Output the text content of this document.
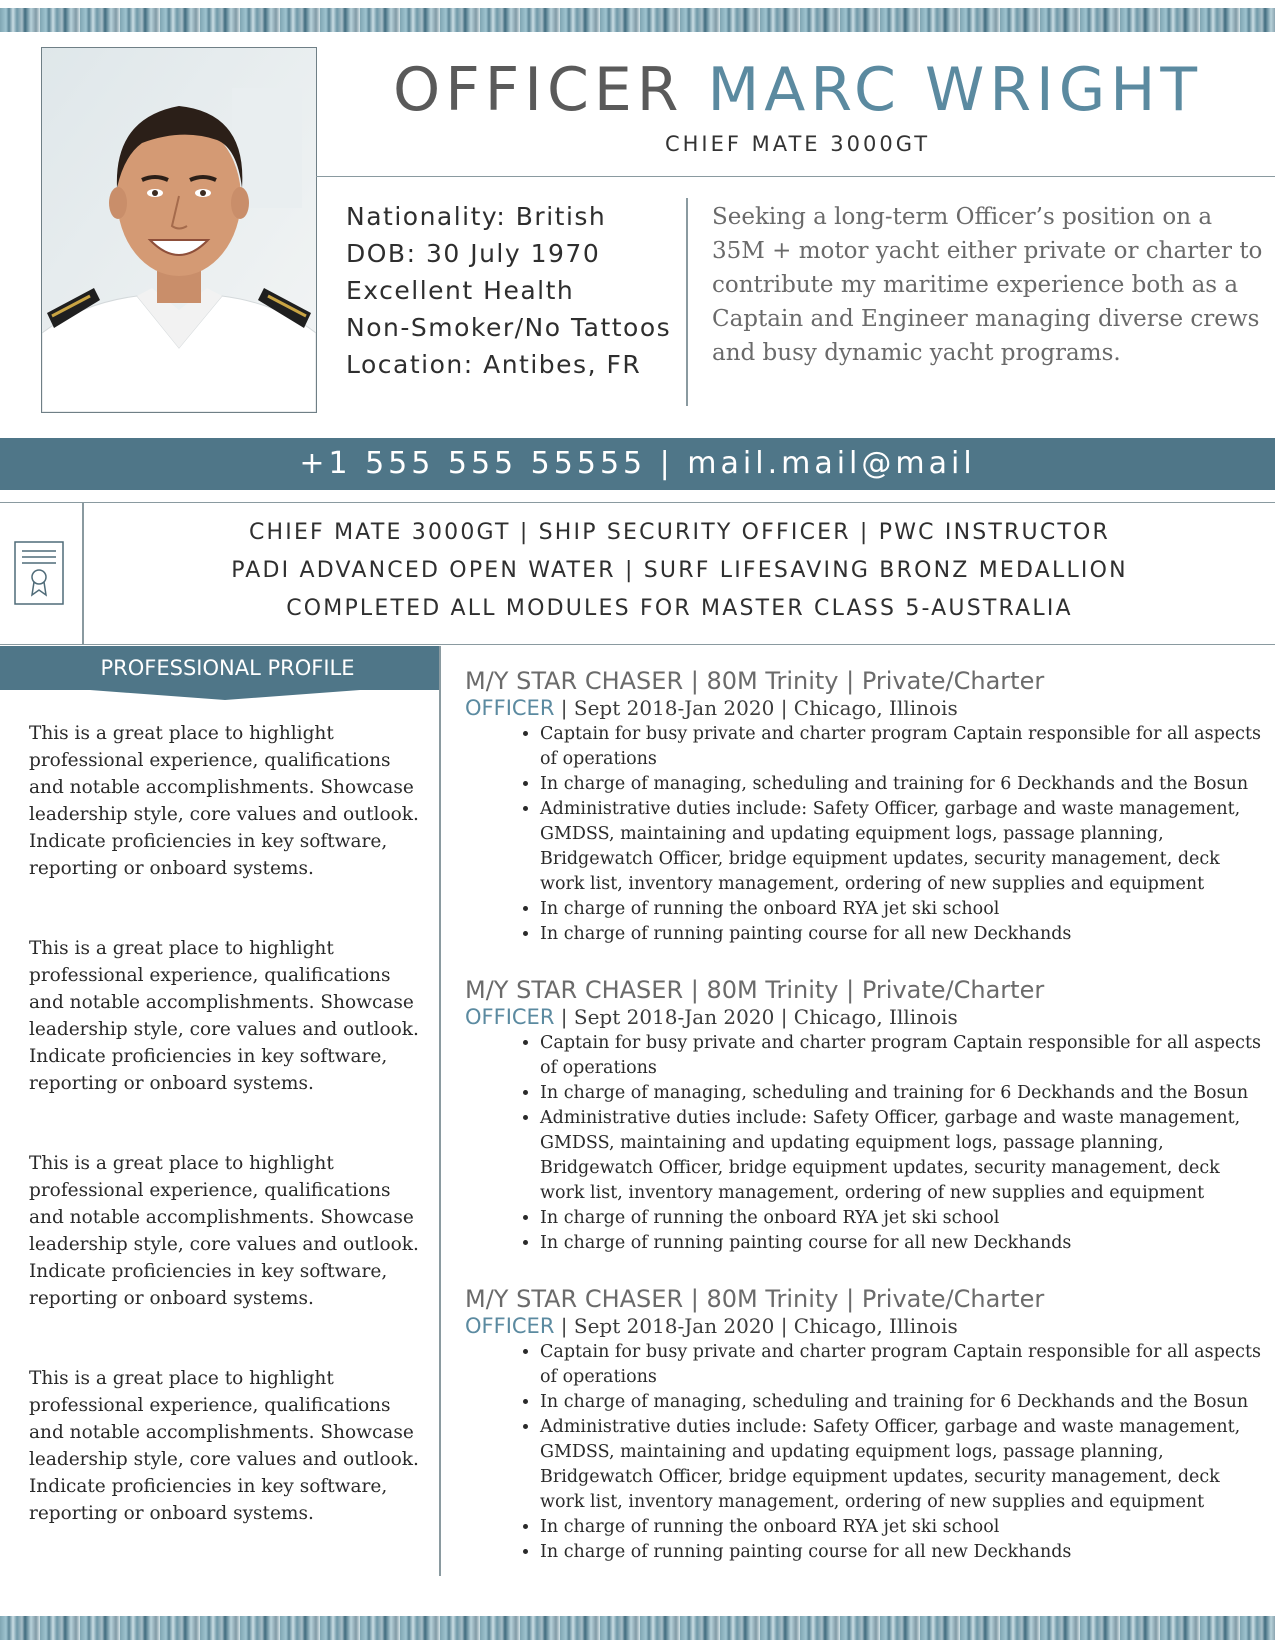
OFFICER MARC WRIGHT
CHIEF MATE 3000GT
Nationality: British
DOB: 30 July 1970
Excellent Health
Non-Smoker/No Tattoos
Location: Antibes, FR
Seeking a long-term Officer’s position on a 35M + motor yacht either private or charter to contribute my maritime experience both as a Captain and Engineer managing diverse crews and busy dynamic yacht programs.
+1 555 555 55555 | mail.mail@mail
CHIEF MATE 3000GT | SHIP SECURITY OFFICER | PWC INSTRUCTOR
PADI ADVANCED OPEN WATER | SURF LIFESAVING BRONZ MEDALLION
COMPLETED ALL MODULES FOR MASTER CLASS 5-AUSTRALIA
PROFESSIONAL PROFILE
This is a great place to highlight professional experience, qualifications and notable accomplishments. Showcase leadership style, core values and outlook. Indicate proficiencies in key software, reporting or onboard systems.
This is a great place to highlight professional experience, qualifications and notable accomplishments. Showcase leadership style, core values and outlook. Indicate proficiencies in key software, reporting or onboard systems.
This is a great place to highlight professional experience, qualifications and notable accomplishments. Showcase leadership style, core values and outlook. Indicate proficiencies in key software, reporting or onboard systems.
This is a great place to highlight professional experience, qualifications and notable accomplishments. Showcase leadership style, core values and outlook. Indicate proficiencies in key software, reporting or onboard systems.
M/Y STAR CHASER | 80M Trinity | Private/Charter
OFFICER | Sept 2018-Jan 2020 | Chicago, Illinois
• Captain for busy private and charter program Captain responsible for all aspects of operations
• In charge of managing, scheduling and training for 6 Deckhands and the Bosun
• Administrative duties include: Safety Officer, garbage and waste management, GMDSS, maintaining and updating equipment logs, passage planning, Bridgewatch Officer, bridge equipment updates, security management, deck work list, inventory management, ordering of new supplies and equipment
• In charge of running the onboard RYA jet ski school
• In charge of running painting course for all new Deckhands
M/Y STAR CHASER | 80M Trinity | Private/Charter
OFFICER | Sept 2018-Jan 2020 | Chicago, Illinois
• Captain for busy private and charter program Captain responsible for all aspects of operations
• In charge of managing, scheduling and training for 6 Deckhands and the Bosun
• Administrative duties include: Safety Officer, garbage and waste management, GMDSS, maintaining and updating equipment logs, passage planning, Bridgewatch Officer, bridge equipment updates, security management, deck work list, inventory management, ordering of new supplies and equipment
• In charge of running the onboard RYA jet ski school
• In charge of running painting course for all new Deckhands
M/Y STAR CHASER | 80M Trinity | Private/Charter
OFFICER | Sept 2018-Jan 2020 | Chicago, Illinois
• Captain for busy private and charter program Captain responsible for all aspects of operations
• In charge of managing, scheduling and training for 6 Deckhands and the Bosun
• Administrative duties include: Safety Officer, garbage and waste management, GMDSS, maintaining and updating equipment logs, passage planning, Bridgewatch Officer, bridge equipment updates, security management, deck work list, inventory management, ordering of new supplies and equipment
• In charge of running the onboard RYA jet ski school
• In charge of running painting course for all new Deckhands
